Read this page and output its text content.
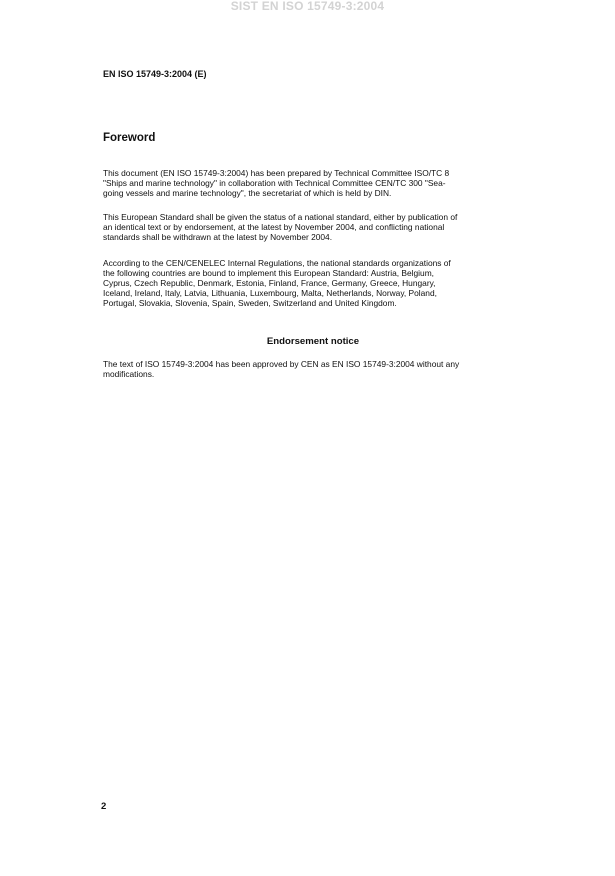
SIST EN ISO 15749-3:2004
EN ISO 15749-3:2004 (E)
Foreword
This document (EN ISO 15749-3:2004) has been prepared by Technical Committee ISO/TC 8
"Ships and marine technology" in collaboration with Technical Committee CEN/TC 300 "Sea-
going vessels and marine technology", the secretariat of which is held by DIN.
This European Standard shall be given the status of a national standard, either by publication of
an identical text or by endorsement, at the latest by November 2004, and conflicting national
standards shall be withdrawn at the latest by November 2004.
According to the CEN/CENELEC Internal Regulations, the national standards organizations of
the following countries are bound to implement this European Standard: Austria, Belgium,
Cyprus, Czech Republic, Denmark, Estonia, Finland, France, Germany, Greece, Hungary,
Iceland, Ireland, Italy, Latvia, Lithuania, Luxembourg, Malta, Netherlands, Norway, Poland,
Portugal, Slovakia, Slovenia, Spain, Sweden, Switzerland and United Kingdom.
Endorsement notice
The text of ISO 15749-3:2004 has been approved by CEN as EN ISO 15749-3:2004 without any
modifications.
2
